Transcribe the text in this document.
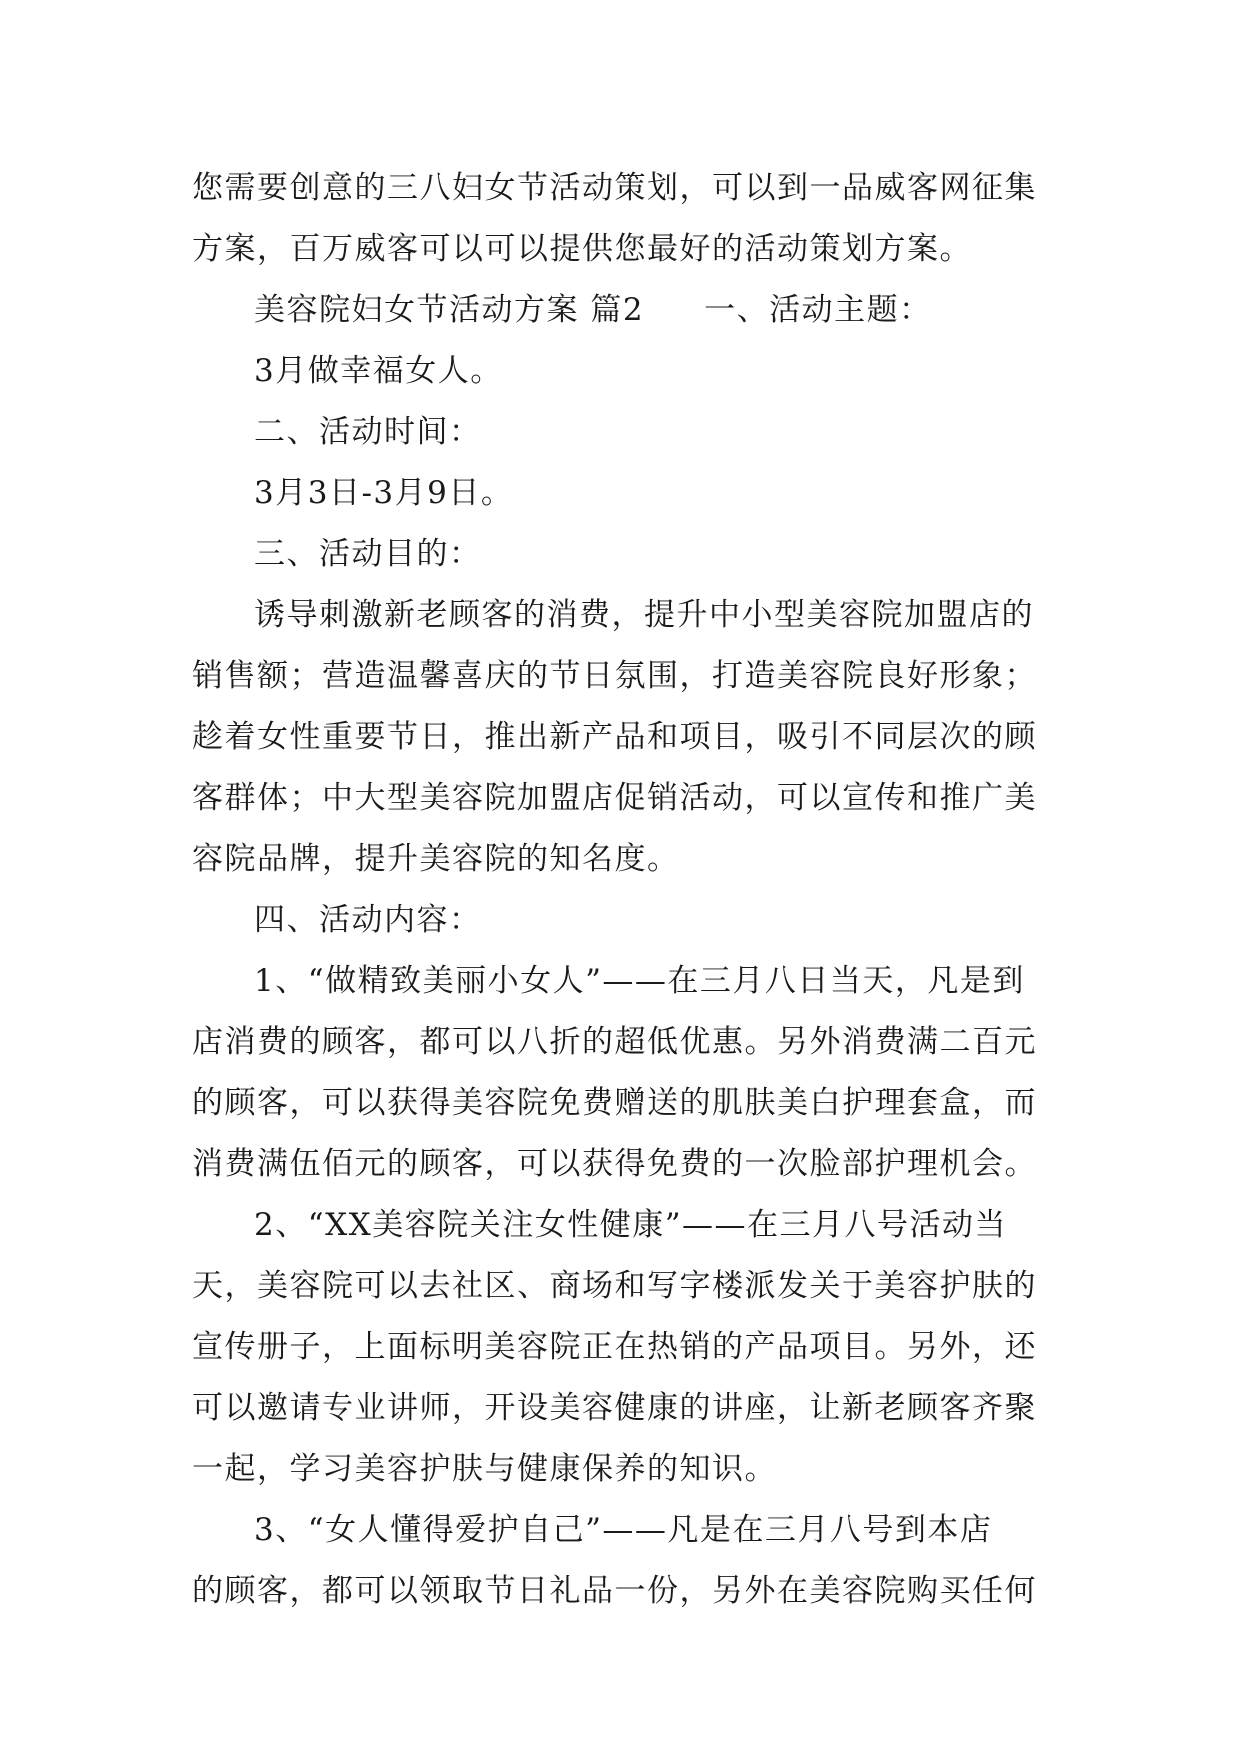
您需要创意的三八妇女节活动策划，可以到一品威客网征集
方案，百万威客可以可以提供您最好的活动策划方案。
美容院妇女节活动方案 篇2 一、活动主题：
3月做幸福女人。
二、活动时间：
3月3日-3月9日。
三、活动目的：
诱导刺激新老顾客的消费，提升中小型美容院加盟店的
销售额；营造温馨喜庆的节日氛围，打造美容院良好形象；
趁着女性重要节日，推出新产品和项目，吸引不同层次的顾
客群体；中大型美容院加盟店促销活动，可以宣传和推广美
容院品牌，提升美容院的知名度。
四、活动内容：
1、“做精致美丽小女人”——在三月八日当天，凡是到
店消费的顾客，都可以八折的超低优惠。另外消费满二百元
的顾客，可以获得美容院免费赠送的肌肤美白护理套盒，而
消费满伍佰元的顾客，可以获得免费的一次脸部护理机会。
2、“XX美容院关注女性健康”——在三月八号活动当
天，美容院可以去社区、商场和写字楼派发关于美容护肤的
宣传册子，上面标明美容院正在热销的产品项目。另外，还
可以邀请专业讲师，开设美容健康的讲座，让新老顾客齐聚
一起，学习美容护肤与健康保养的知识。
3、“女人懂得爱护自己”——凡是在三月八号到本店
的顾客，都可以领取节日礼品一份，另外在美容院购买任何
